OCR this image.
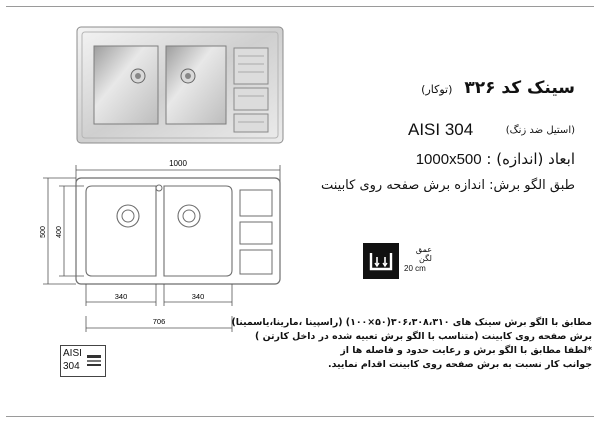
1000
500 400
340	340
706
سینک کد ۳۲۶ (توکار)
AISI 304	(استیل ضد زنگ)
ابعاد (اندازه) : 1000x500
طبق الگو برش: اندازه برش صفحه روی کابینت
عمق لگن
20 cm

مطابق با الگو برش سینک های ۳۰۶،۳۰۸،۳۱۰(۵۰×۱۰۰) (راسپینا ،مارینا،یاسمینا)

برش صفحه روی کابینت (متناسب با الگو برش تعبیه شده در داخل کارتن )

*لطفا مطابق با الگو برش و رعایت حدود و فاصله ها از

جوانب کار نسبت به برش صفحه روی کابینت اقدام نمایید.

AISI
304
